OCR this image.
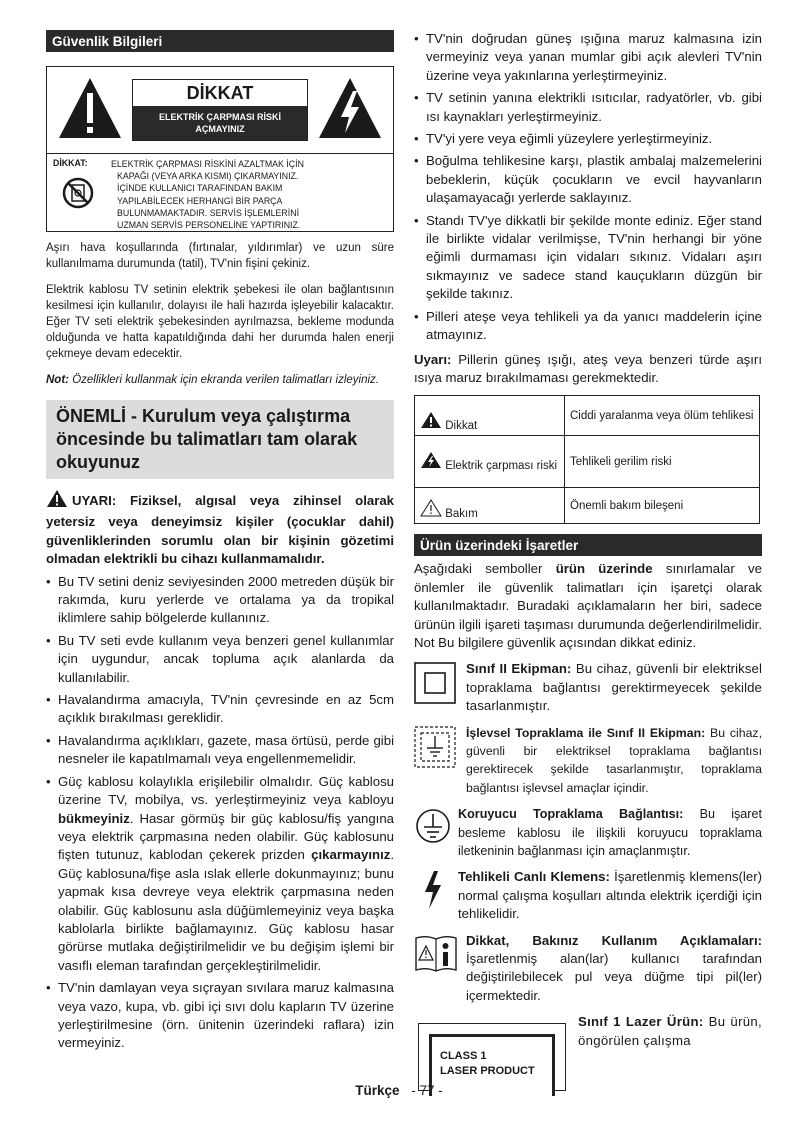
Güvenlik Bilgileri
DİKKAT
ELEKTRİK ÇARPMASI RİSKİ AÇMAYINIZ
DİKKAT:	ELEKTRİK ÇARPMASI RİSKİNİ AZALTMAK İÇİN
KAPAĞI (VEYA ARKA KISMI) ÇIKARMAYINIZ.
İÇİNDE KULLANICI TARAFINDAN BAKIM
YAPILABİLECEK HERHANGİ BİR PARÇA
BULUNMAMAKTADIR. SERVİS İŞLEMLERİNİ
UZMAN SERVİS PERSONELİNE YAPTIRINIZ.

Aşırı hava koşullarında (fırtınalar, yıldırımlar) ve uzun süre kullanılmama durumunda (tatil), TV'nin fişini çekiniz.

Elektrik kablosu TV setinin elektrik şebekesi ile olan bağlantısının kesilmesi için kullanılır, dolayısı ile hali hazırda işleyebilir kalacaktır. Eğer TV seti elektrik şebekesinden ayrılmazsa, bekleme modunda olduğunda ve hatta kapatıldığında dahi her durumda halen enerji çekmeye devam edecektir.

Not: Özellikleri kullanmak için ekranda verilen talimatları izleyiniz.

ÖNEMLİ - Kurulum veya çalıştırma öncesinde bu talimatları tam olarak okuyunuz

UYARI: Fiziksel, algısal veya zihinsel olarak yetersiz veya deneyimsiz kişiler (çocuklar dahil) güvenliklerinden sorumlu olan bir kişinin gözetimi olmadan elektrikli bu cihazı kullanmamalıdır.

• Bu TV setini deniz seviyesinden 2000 metreden düşük bir rakımda, kuru yerlerde ve ortalama ya da tropikal iklimlere sahip bölgelerde kullanınız.
• Bu TV seti evde kullanım veya benzeri genel kullanımlar için uygundur, ancak topluma açık alanlarda da kullanılabilir.
• Havalandırma amacıyla, TV'nin çevresinde en az 5cm açıklık bırakılması gereklidir.
• Havalandırma açıklıkları, gazete, masa örtüsü, perde gibi nesneler ile kapatılmamalı veya engellenmemelidir.
• Güç kablosu kolaylıkla erişilebilir olmalıdır. Güç kablosu üzerine TV, mobilya, vs. yerleştirmeyiniz veya kabloyu bükmeyiniz. Hasar görmüş bir güç kablosu/fiş yangına veya elektrik çarpmasına neden olabilir. Güç kablosunu fişten tutunuz, kablodan çekerek prizden çıkarmayınız. Güç kablosuna/fişe asla ıslak ellerle dokunmayınız; bunu yapmak kısa devreye veya elektrik çarpmasına neden olabilir. Güç kablosunu asla düğümlemeyiniz veya başka kablolarla birlikte bağlamayınız. Güç kablosu hasar görürse mutlaka değiştirilmelidir ve bu değişim işlemi bir vasıflı eleman tarafından gerçekleştirilmelidir.
• TV'nin damlayan veya sıçrayan sıvılara maruz kalmasına veya vazo, kupa, vb. gibi içi sıvı dolu kapların TV üzerine yerleştirilmesine (örn. ünitenin üzerindeki raflara) izin vermeyiniz.
• TV'nin doğrudan güneş ışığına maruz kalmasına izin vermeyiniz veya yanan mumlar gibi açık alevleri TV'nin üzerine veya yakınlarına yerleştirmeyiniz.
• TV setinin yanına elektrikli ısıtıcılar, radyatörler, vb. gibi ısı kaynakları yerleştirmeyiniz.
• TV'yi yere veya eğimli yüzeylere yerleştirmeyiniz.
• Boğulma tehlikesine karşı, plastik ambalaj malzemelerini bebeklerin, küçük çocukların ve evcil hayvanların ulaşamayacağı yerlerde saklayınız.
• Standı TV'ye dikkatli bir şekilde monte ediniz. Eğer stand ile birlikte vidalar verilmişse, TV'nin herhangi bir yöne eğimli durmaması için vidaları sıkınız. Vidaları aşırı sıkmayınız ve sadece stand kauçukların düzgün bir şekilde takınız.
• Pilleri ateşe veya tehlikeli ya da yanıcı maddelerin içine atmayınız.

Uyarı: Pillerin güneş ışığı, ateş veya benzeri türde aşırı ısıya maruz bırakılmaması gerekmektedir.

Dikkat	Ciddi yaralanma veya ölüm tehlikesi
Elektrik çarpması riski	Tehlikeli gerilim riski
Bakım	Önemli bakım bileşeni
Ürün üzerindeki İşaretler

Aşağıdaki semboller ürün üzerinde sınırlamalar ve önlemler ile güvenlik talimatları için işaretçi olarak kullanılmaktadır. Buradaki açıklamaların her biri, sadece ürünün ilgili işareti taşıması durumunda değerlendirilmelidir. Not Bu bilgilere güvenlik açısından dikkat ediniz.

Sınıf II Ekipman: Bu cihaz, güvenli bir elektriksel topraklama bağlantısı gerektirmeyecek şekilde tasarlanmıştır.

İşlevsel Topraklama ile Sınıf II Ekipman: Bu cihaz, güvenli bir elektriksel topraklama bağlantısı gerektirecek şekilde tasarlanmıştır, topraklama bağlantısı işlevsel amaçlar içindir.

Koruyucu Topraklama Bağlantısı: Bu işaret besleme kablosu ile ilişkili koruyucu topraklama iletkeninin bağlanması için amaçlanmıştır.

Tehlikeli Canlı Klemens: İşaretlenmiş klemens(ler) normal çalışma koşulları altında elektrik içerdiği için tehlikelidir.

Dikkat, Bakınız Kullanım Açıklamaları: İşaretlenmiş alan(lar) kullanıcı tarafından değiştirilebilecek pul veya düğme tipi pil(ler) içermektedir.

CLASS 1
LASER PRODUCT

Sınıf 1 Lazer Ürün: Bu ürün, öngörülen çalışma

Türkçe - 77 -
